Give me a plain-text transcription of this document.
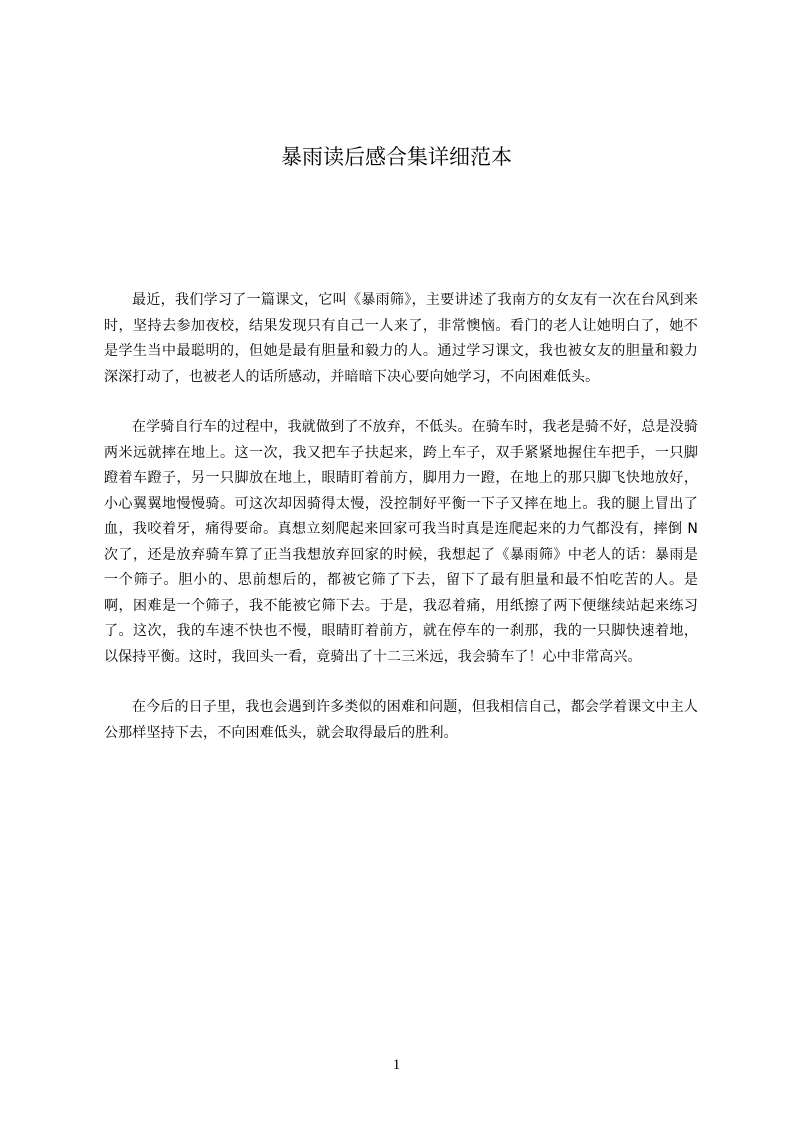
暴雨读后感合集详细范本

最近，我们学习了一篇课文，它叫《暴雨筛》，主要讲述了我南方的女友有一次在台风到来时，坚持去参加夜校，结果发现只有自己一人来了，非常懊恼。看门的老人让她明白了，她不是学生当中最聪明的，但她是最有胆量和毅力的人。通过学习课文，我也被女友的胆量和毅力深深打动了，也被老人的话所感动，并暗暗下决心要向她学习，不向困难低头。

在学骑自行车的过程中，我就做到了不放弃，不低头。在骑车时，我老是骑不好，总是没骑两米远就摔在地上。这一次，我又把车子扶起来，跨上车子，双手紧紧地握住车把手，一只脚蹬着车蹬子，另一只脚放在地上，眼睛盯着前方，脚用力一蹬，在地上的那只脚飞快地放好，小心翼翼地慢慢骑。可这次却因骑得太慢，没控制好平衡一下子又摔在地上。我的腿上冒出了血，我咬着牙，痛得要命。真想立刻爬起来回家可我当时真是连爬起来的力气都没有，摔倒 N 次了，还是放弃骑车算了正当我想放弃回家的时候，我想起了《暴雨筛》中老人的话：暴雨是一个筛子。胆小的、思前想后的，都被它筛了下去，留下了最有胆量和最不怕吃苦的人。是啊，困难是一个筛子，我不能被它筛下去。于是，我忍着痛，用纸擦了两下便继续站起来练习了。这次，我的车速不快也不慢，眼睛盯着前方，就在停车的一刹那，我的一只脚快速着地，以保持平衡。这时，我回头一看，竟骑出了十二三米远，我会骑车了！心中非常高兴。

在今后的日子里，我也会遇到许多类似的困难和问题，但我相信自己，都会学着课文中主人公那样坚持下去，不向困难低头，就会取得最后的胜利。

1
